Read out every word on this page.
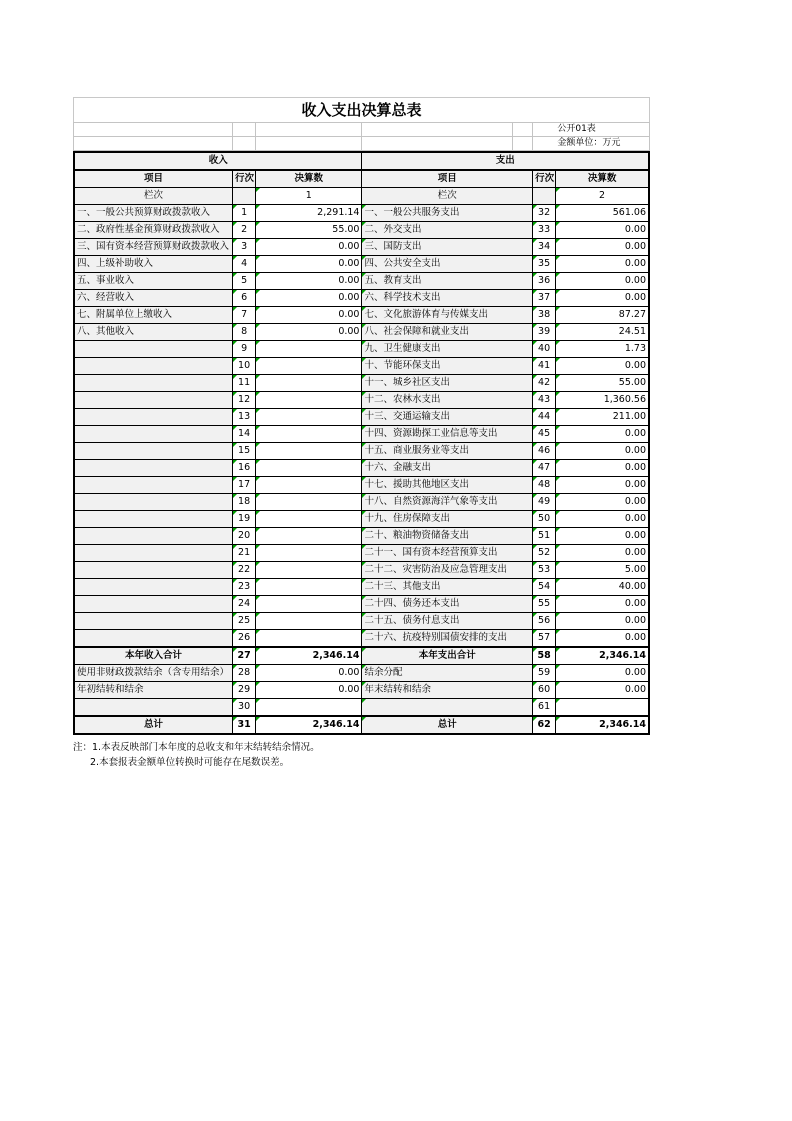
收入支出决算总表
					公开01表
					金额单位：万元
收入			支出		
项目	行次	决算数	项目	行次	决算数
栏次		1	栏次		2
一、一般公共预算财政拨款收入	1	2,291.14	一、一般公共服务支出	32	561.06
二、政府性基金预算财政拨款收入	2	55.00	二、外交支出	33	0.00
三、国有资本经营预算财政拨款收入	3	0.00	三、国防支出	34	0.00
四、上级补助收入	4	0.00	四、公共安全支出	35	0.00
五、事业收入	5	0.00	五、教育支出	36	0.00
六、经营收入	6	0.00	六、科学技术支出	37	0.00
七、附属单位上缴收入	7	0.00	七、文化旅游体育与传媒支出	38	87.27
八、其他收入	8	0.00	八、社会保障和就业支出	39	24.51
	9		九、卫生健康支出	40	1.73
	10		十、节能环保支出	41	0.00
	11		十一、城乡社区支出	42	55.00
	12		十二、农林水支出	43	1,360.56
	13		十三、交通运输支出	44	211.00
	14		十四、资源勘探工业信息等支出	45	0.00
	15		十五、商业服务业等支出	46	0.00
	16		十六、金融支出	47	0.00
	17		十七、援助其他地区支出	48	0.00
	18		十八、自然资源海洋气象等支出	49	0.00
	19		十九、住房保障支出	50	0.00
	20		二十、粮油物资储备支出	51	0.00
	21		二十一、国有资本经营预算支出	52	0.00
	22		二十二、灾害防治及应急管理支出	53	5.00
	23		二十三、其他支出	54	40.00
	24		二十四、债务还本支出	55	0.00
	25		二十五、债务付息支出	56	0.00
	26		二十六、抗疫特别国债安排的支出	57	0.00
本年收入合计	27	2,346.14	本年支出合计	58	2,346.14
使用非财政拨款结余（含专用结余）	28	0.00	结余分配	59	0.00
年初结转和结余	29	0.00	年末结转和结余	60	0.00
	30			61	
总计	31	2,346.14	总计	62	2,346.14
注：1.本表反映部门本年度的总收支和年末结转结余情况。
2.本套报表金额单位转换时可能存在尾数误差。
